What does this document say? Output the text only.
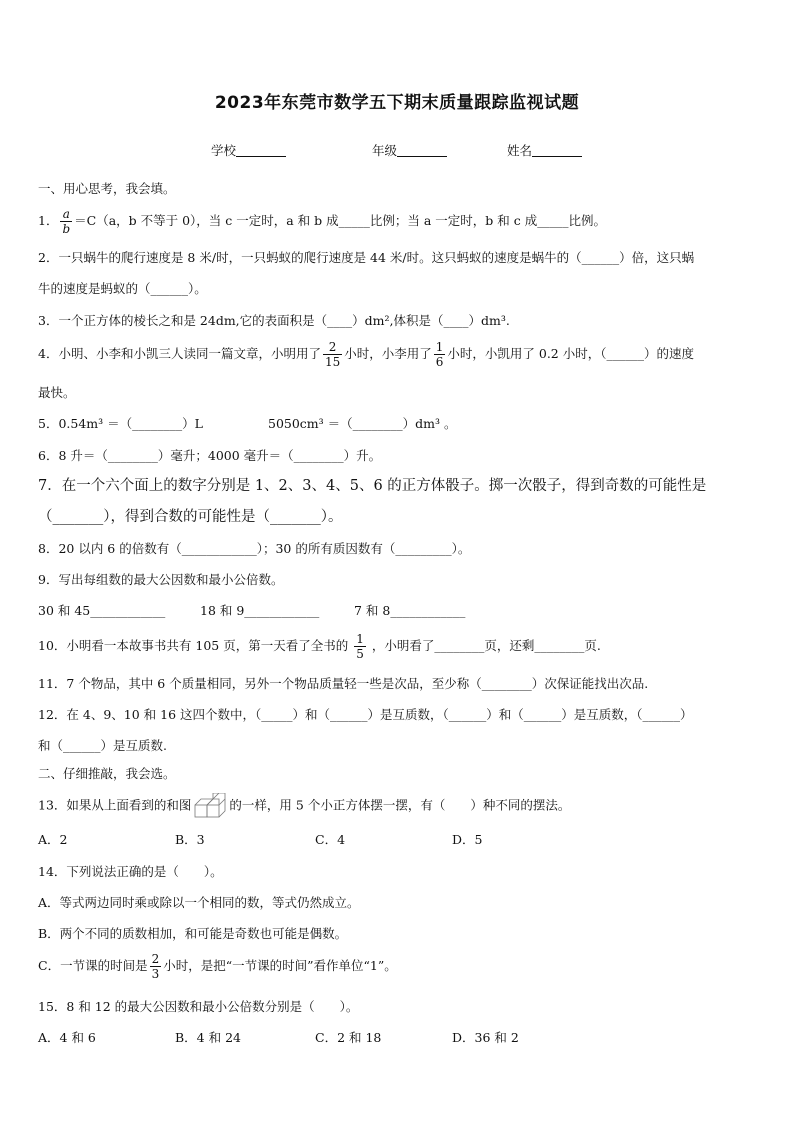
2023年东莞市数学五下期末质量跟踪监视试题
学校	年级	姓名
一、用心思考，我会填。
1． $\frac{a}{b} =C(a$，b 不等于 0），当 c 一定时，a 和 b 成_____比例；当 a 一定时，b 和 c 成_____比例。
2．一只蜗牛的爬行速度是 8 米/时，一只蚂蚁的爬行速度是 44 米/时。这只蚂蚁的速度是蜗牛的（______）倍，这只蜗
牛的速度是蚂蚁的（______）。
3．一个正方体的棱长之和是 24dm,它的表面积是（____）dm²,体积是（____）dm³.
4．小明、小李和小凯三人读同一篇文章，小明用了 $\frac{2}{15}$ 小时，小李用了 $\frac{1}{6}$ 小时，小凯用了 0.2 小时，（______）的速度
最快。
5．0.54m³ ＝（________）L	5050cm³ ＝（________）dm³ 。
6．8 升＝（________）毫升；4000 毫升＝（________）升。
7．在一个六个面上的数字分别是 1、2、3、4、5、6 的正方体骰子。掷一次骰子，得到奇数的可能性是
（_______），得到合数的可能性是（_______）。
8．20 以内 6 的倍数有（____________）；30 的所有质因数有（_________）。
9．写出每组数的最大公因数和最小公倍数。
30 和 45____________	18 和 9____________	7 和 8____________
10．小明看一本故事书共有 105 页，第一天看了全书的 $\frac{1}{5}$ ，小明看了________页，还剩________页.
11．7 个物品，其中 6 个质量相同，另外一个物品质量轻一些是次品，至少称（________）次保证能找出次品.
12．在 4、9、10 和 16 这四个数中，（_____）和（______）是互质数，（______）和（______）是互质数，（______）
和（______）是互质数.
二、仔细推敲，我会选。
13．如果从上面看到的和图	的一样，用 5 个小正方体摆一摆，有（　　）种不同的摆法。
A．2	B．3	C．4	D．5
14．下列说法正确的是（　　）。
A．等式两边同时乘或除以一个相同的数，等式仍然成立。
B．两个不同的质数相加，和可能是奇数也可能是偶数。
C．一节课的时间是 $\frac{2}{3}$ 小时，是把“一节课的时间”看作单位“1”。
15．8 和 12 的最大公因数和最小公倍数分别是（　　）。
A．4 和 6	B．4 和 24	C．2 和 18	D．36 和 2
